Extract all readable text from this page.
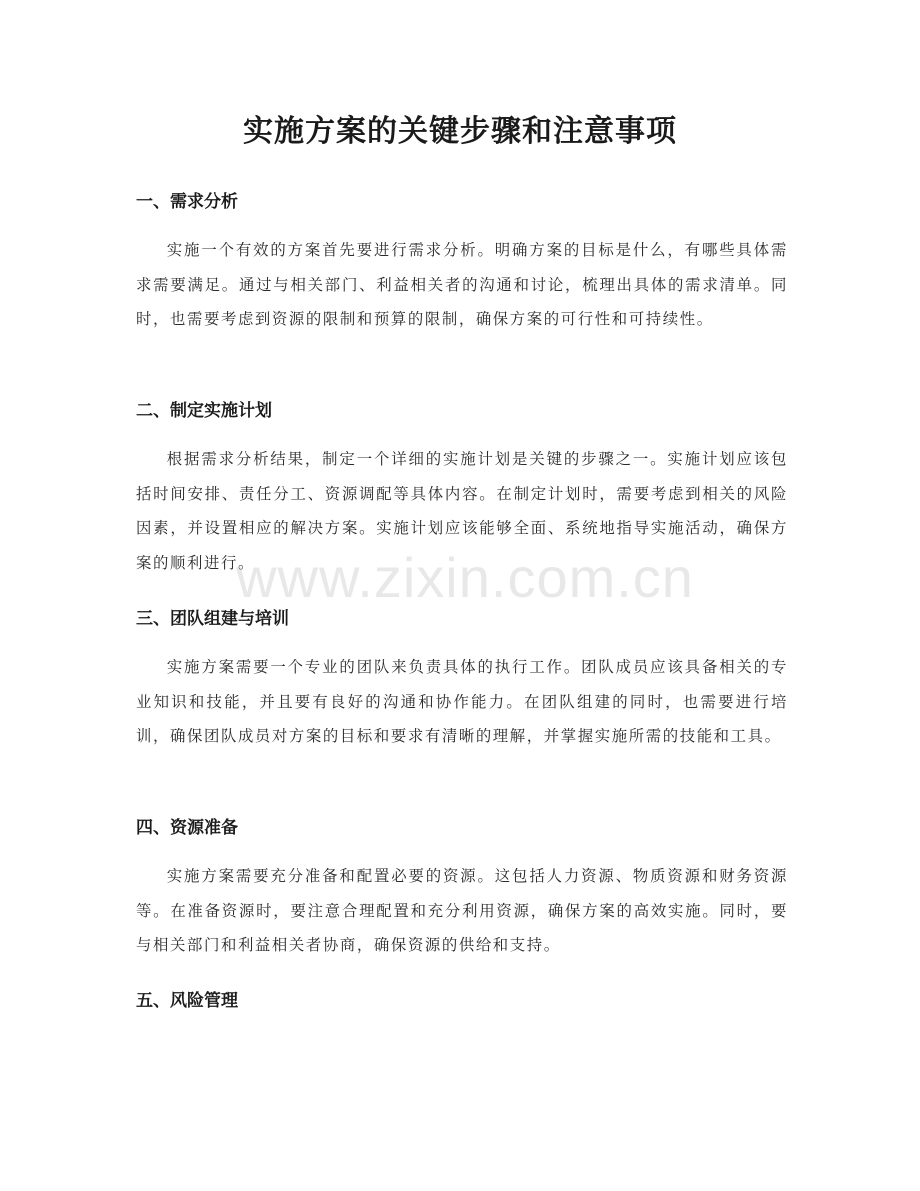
实施方案的关键步骤和注意事项
一、需求分析

实施一个有效的方案首先要进行需求分析。明确方案的目标是什么，有哪些具体需求需要满足。通过与相关部门、利益相关者的沟通和讨论，梳理出具体的需求清单。同时，也需要考虑到资源的限制和预算的限制，确保方案的可行性和可持续性。

二、制定实施计划

根据需求分析结果，制定一个详细的实施计划是关键的步骤之一。实施计划应该包括时间安排、责任分工、资源调配等具体内容。在制定计划时，需要考虑到相关的风险因素，并设置相应的解决方案。实施计划应该能够全面、系统地指导实施活动，确保方案的顺利进行。

三、团队组建与培训

实施方案需要一个专业的团队来负责具体的执行工作。团队成员应该具备相关的专业知识和技能，并且要有良好的沟通和协作能力。在团队组建的同时，也需要进行培训，确保团队成员对方案的目标和要求有清晰的理解，并掌握实施所需的技能和工具。

四、资源准备

实施方案需要充分准备和配置必要的资源。这包括人力资源、物质资源和财务资源等。在准备资源时，要注意合理配置和充分利用资源，确保方案的高效实施。同时，要与相关部门和利益相关者协商，确保资源的供给和支持。

五、风险管理
www.zixin.com.cn
